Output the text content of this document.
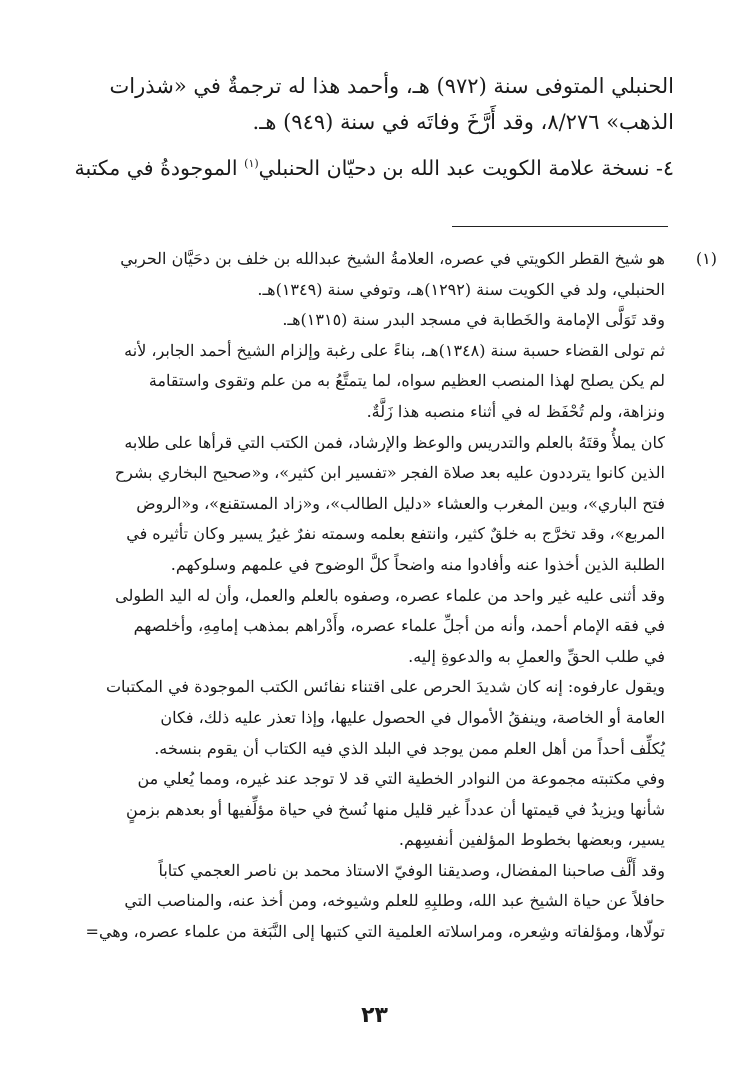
الحنبلي المتوفى سنة (٩٧٢) هـ، وأحمد هذا له ترجمةٌ في «شذرات

الذهب» ٨/٢٧٦، وقد أَرَّخَ وفاتَه في سنة (٩٤٩) هـ.

٤- نسخة علامة الكويت عبد الله بن دحيّان الحنبلي$^{(١)}$ الموجودةُ في مكتبة

(١)

هو شيخ القطر الكويتي في عصره، العلامةُ الشيخ عبدالله بن خلف بن دحَيَّان الحربي

الحنبلي، ولد في الكويت سنة (١٢٩٢)هـ، وتوفي سنة (١٣٤٩)هـ.

وقد تَوَلَّى الإمامة والخَطابة في مسجد البدر سنة (١٣١٥)هـ.

ثم تولى القضاء حسبة سنة (١٣٤٨)هـ، بناءً على رغبة وإلزام الشيخ أحمد الجابر، لأنه

لم يكن يصلح لهذا المنصب العظيم سواه، لما يتمتَّعُ به من علم وتقوى واستقامة

ونزاهة، ولم تُحْفَظ له في أثناء منصبه هذا زَلَّةٌ.

كان يملأُ وقتَهُ بالعلم والتدريس والوعظ والإرشاد، فمن الكتب التي قرأها على طلابه

الذين كانوا يترددون عليه بعد صلاة الفجر «تفسير ابن كثير»، و«صحيح البخاري بشرح

فتح الباري»، وبين المغرب والعشاء «دليل الطالب»، و«زاد المستقنع»، و«الروض

المربع»، وقد تخرَّج به خلقٌ كثير، وانتفع بعلمه وسمته نفرٌ غيرُ يسير وكان تأثيره في

الطلبة الذين أخذوا عنه وأفادوا منه واضحاً كلَّ الوضوح في علمهم وسلوكهم.

وقد أثنى عليه غير واحد من علماء عصره، وصفوه بالعلم والعمل، وأن له اليد الطولى

في فقه الإمام أحمد، وأنه من أجلِّ علماء عصره، وأَدْراهم بمذهب إمامِهِ، وأخلصهم

في طلب الحقِّ والعملِ به والدعوةِ إليه.

ويقول عارفوه: إنه كان شديدَ الحرص على اقتناء نفائس الكتب الموجودة في المكتبات

العامة أو الخاصة، وينفقُ الأموال في الحصول عليها، وإذا تعذر عليه ذلك، فكان

يُكلِّف أحداً من أهل العلم ممن يوجد في البلد الذي فيه الكتاب أن يقوم بنسخه.

وفي مكتبته مجموعة من النوادر الخطية التي قد لا توجد عند غيره، ومما يُعلي من

شأنها ويزيدُ في قيمتها أن عدداً غير قليل منها نُسخ في حياة مؤلِّفيها أو بعدهم بزمنٍ

يسير، وبعضها بخطوط المؤلفين أنفسِهم.

وقد أَلَّف صاحبنا المفضال، وصديقنا الوفيّ الاستاذ محمد بن ناصر العجمي كتاباً

حافلاً عن حياة الشيخ عبد الله، وطلبِهِ للعلم وشيوخه، ومن أخذ عنه، والمناصب التي

تولّاها، ومؤلفاته وشِعره، ومراسلاته العلمية التي كتبها إلى النَّبَغة من علماء عصره، وهي=

٢٣
